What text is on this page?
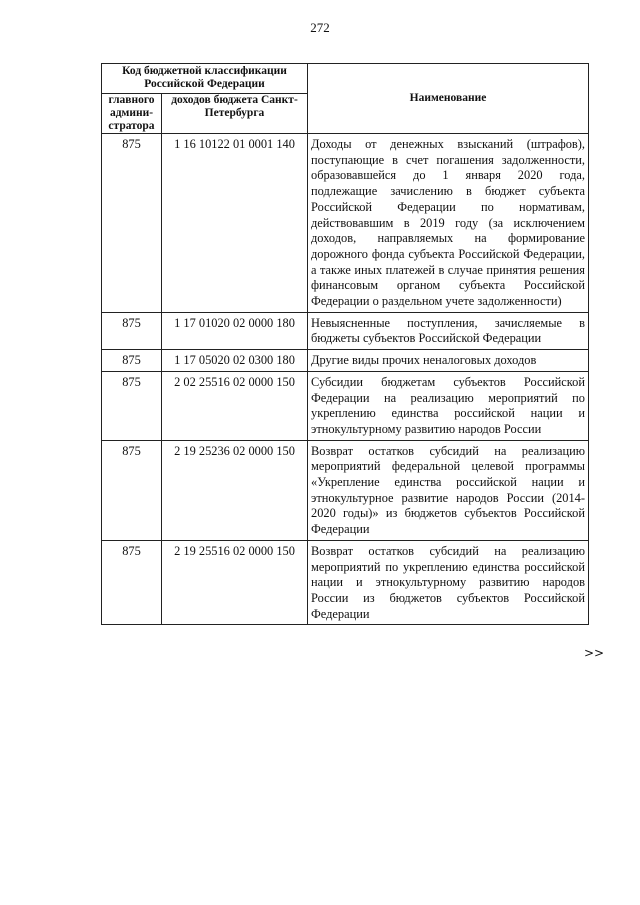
272
Код бюджетной классификации Российской Федерации		Наименование
главного админи-стратора	доходов бюджета Санкт-Петербурга	
875	1 16 10122 01 0001 140	Доходы от денежных взысканий (штрафов), поступающие в счет погашения задолженности, образовавшейся до 1 января 2020 года, подлежащие зачислению в бюджет субъекта Российской Федерации по нормативам, действовавшим в 2019 году (за исключением доходов, направляемых на формирование дорожного фонда субъекта Российской Федерации, а также иных платежей в случае принятия решения финансовым органом субъекта Российской Федерации о раздельном учете задолженности)
875	1 17 01020 02 0000 180	Невыясненные поступления, зачисляемые в бюджеты субъектов Российской Федерации
875	1 17 05020 02 0300 180	Другие виды прочих неналоговых доходов
875	2 02 25516 02 0000 150	Субсидии бюджетам субъектов Российской Федерации на реализацию мероприятий по укреплению единства российской нации и этнокультурному развитию народов России
875	2 19 25236 02 0000 150	Возврат остатков субсидий на реализацию мероприятий федеральной целевой программы «Укрепление единства российской нации и этнокультурное развитие народов России (2014-2020 годы)» из бюджетов субъектов Российской Федерации
875	2 19 25516 02 0000 150	Возврат остатков субсидий на реализацию мероприятий по укреплению единства российской нации и этнокультурному развитию народов России из бюджетов субъектов Российской Федерации
>>
